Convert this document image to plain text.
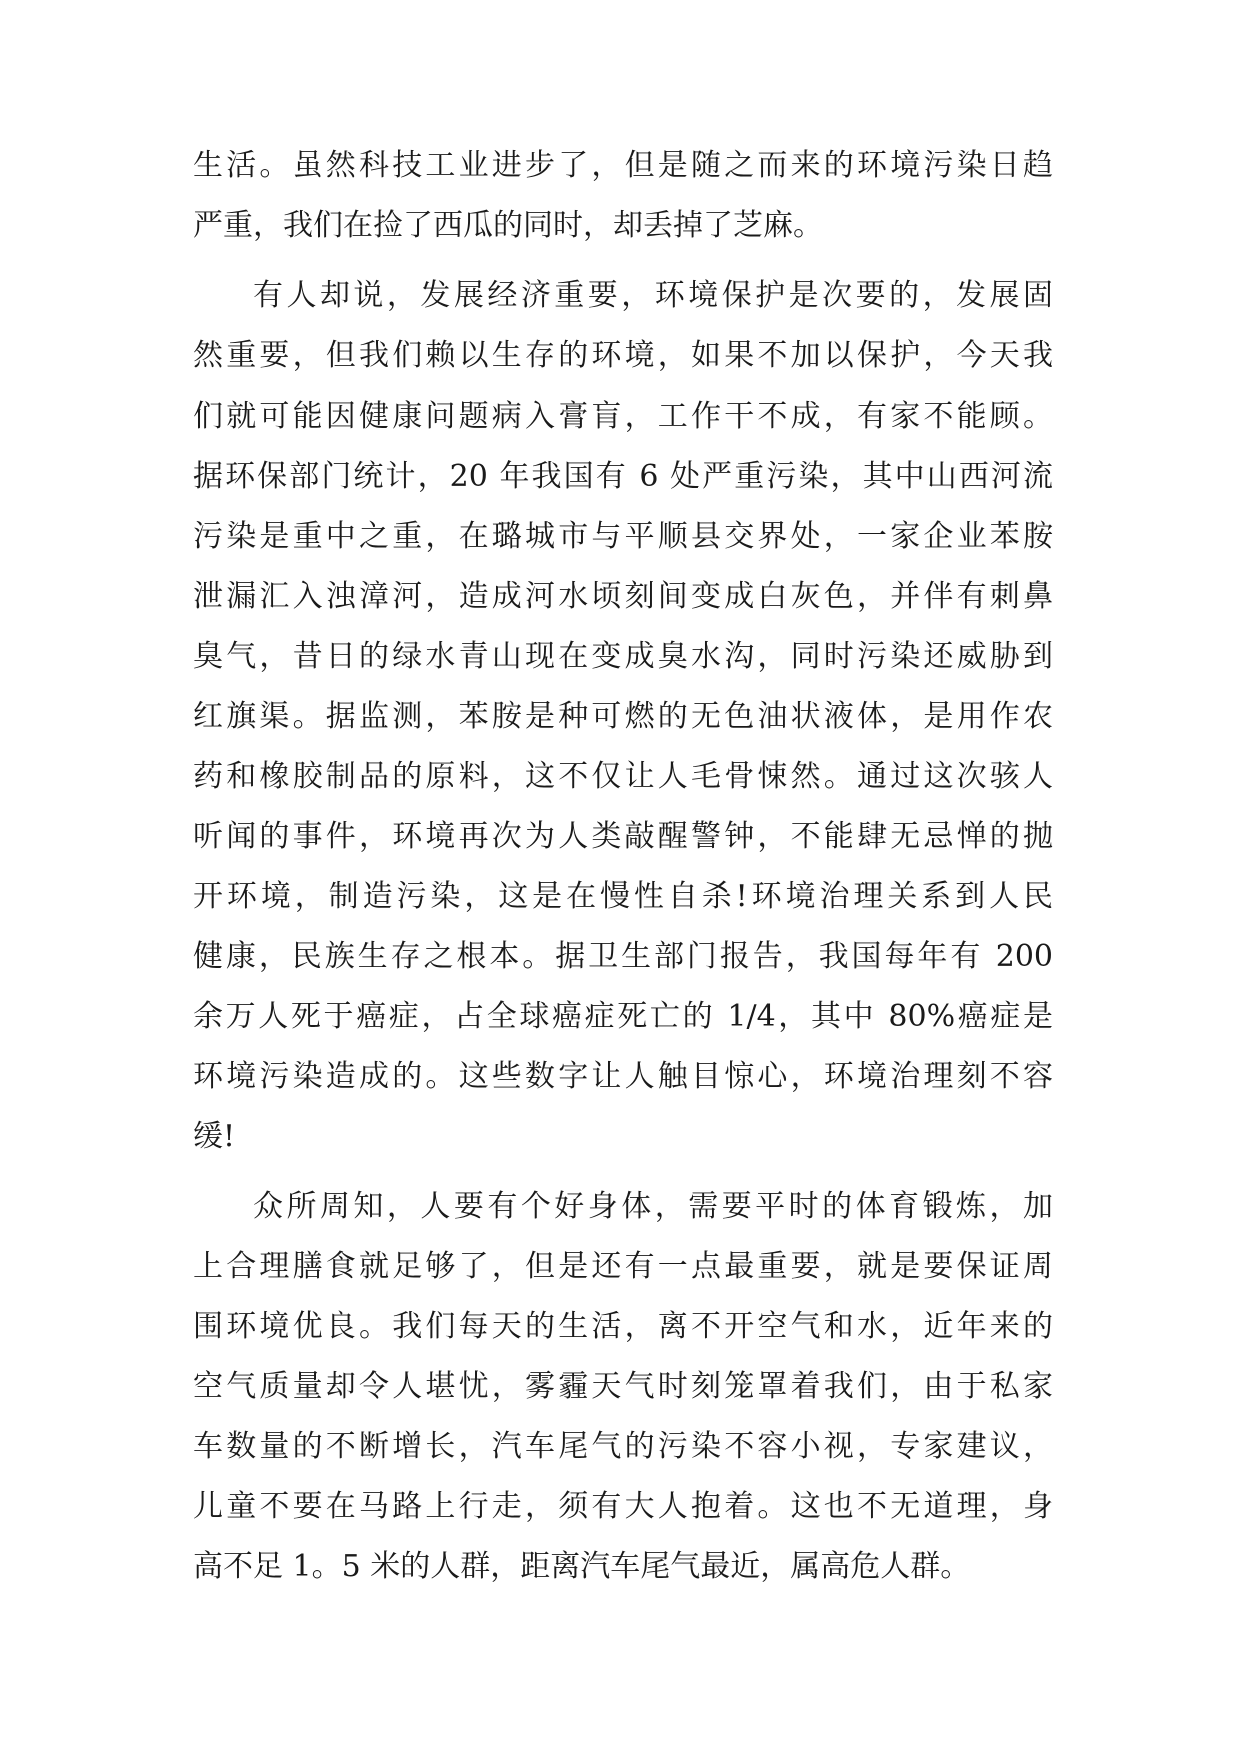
生活。虽然科技工业进步了，但是随之而来的环境污染日趋
严重，我们在捡了西瓜的同时，却丢掉了芝麻。
有人却说，发展经济重要，环境保护是次要的，发展固
然重要，但我们赖以生存的环境，如果不加以保护，今天我
们就可能因健康问题病入膏肓，工作干不成，有家不能顾。
据环保部门统计，20 年我国有 6 处严重污染，其中山西河流
污染是重中之重，在璐城市与平顺县交界处，一家企业苯胺
泄漏汇入浊漳河，造成河水顷刻间变成白灰色，并伴有刺鼻
臭气，昔日的绿水青山现在变成臭水沟，同时污染还威胁到
红旗渠。据监测，苯胺是种可燃的无色油状液体，是用作农
药和橡胶制品的原料，这不仅让人毛骨悚然。通过这次骇人
听闻的事件，环境再次为人类敲醒警钟，不能肆无忌惮的抛
开环境，制造污染，这是在慢性自杀!环境治理关系到人民
健康，民族生存之根本。据卫生部门报告，我国每年有 200
余万人死于癌症，占全球癌症死亡的 1/4，其中 80%癌症是
环境污染造成的。这些数字让人触目惊心，环境治理刻不容
缓!
众所周知，人要有个好身体，需要平时的体育锻炼，加
上合理膳食就足够了，但是还有一点最重要，就是要保证周
围环境优良。我们每天的生活，离不开空气和水，近年来的
空气质量却令人堪忧，雾霾天气时刻笼罩着我们，由于私家
车数量的不断增长，汽车尾气的污染不容小视，专家建议，
儿童不要在马路上行走，须有大人抱着。这也不无道理，身
高不足 1。5 米的人群，距离汽车尾气最近，属高危人群。
